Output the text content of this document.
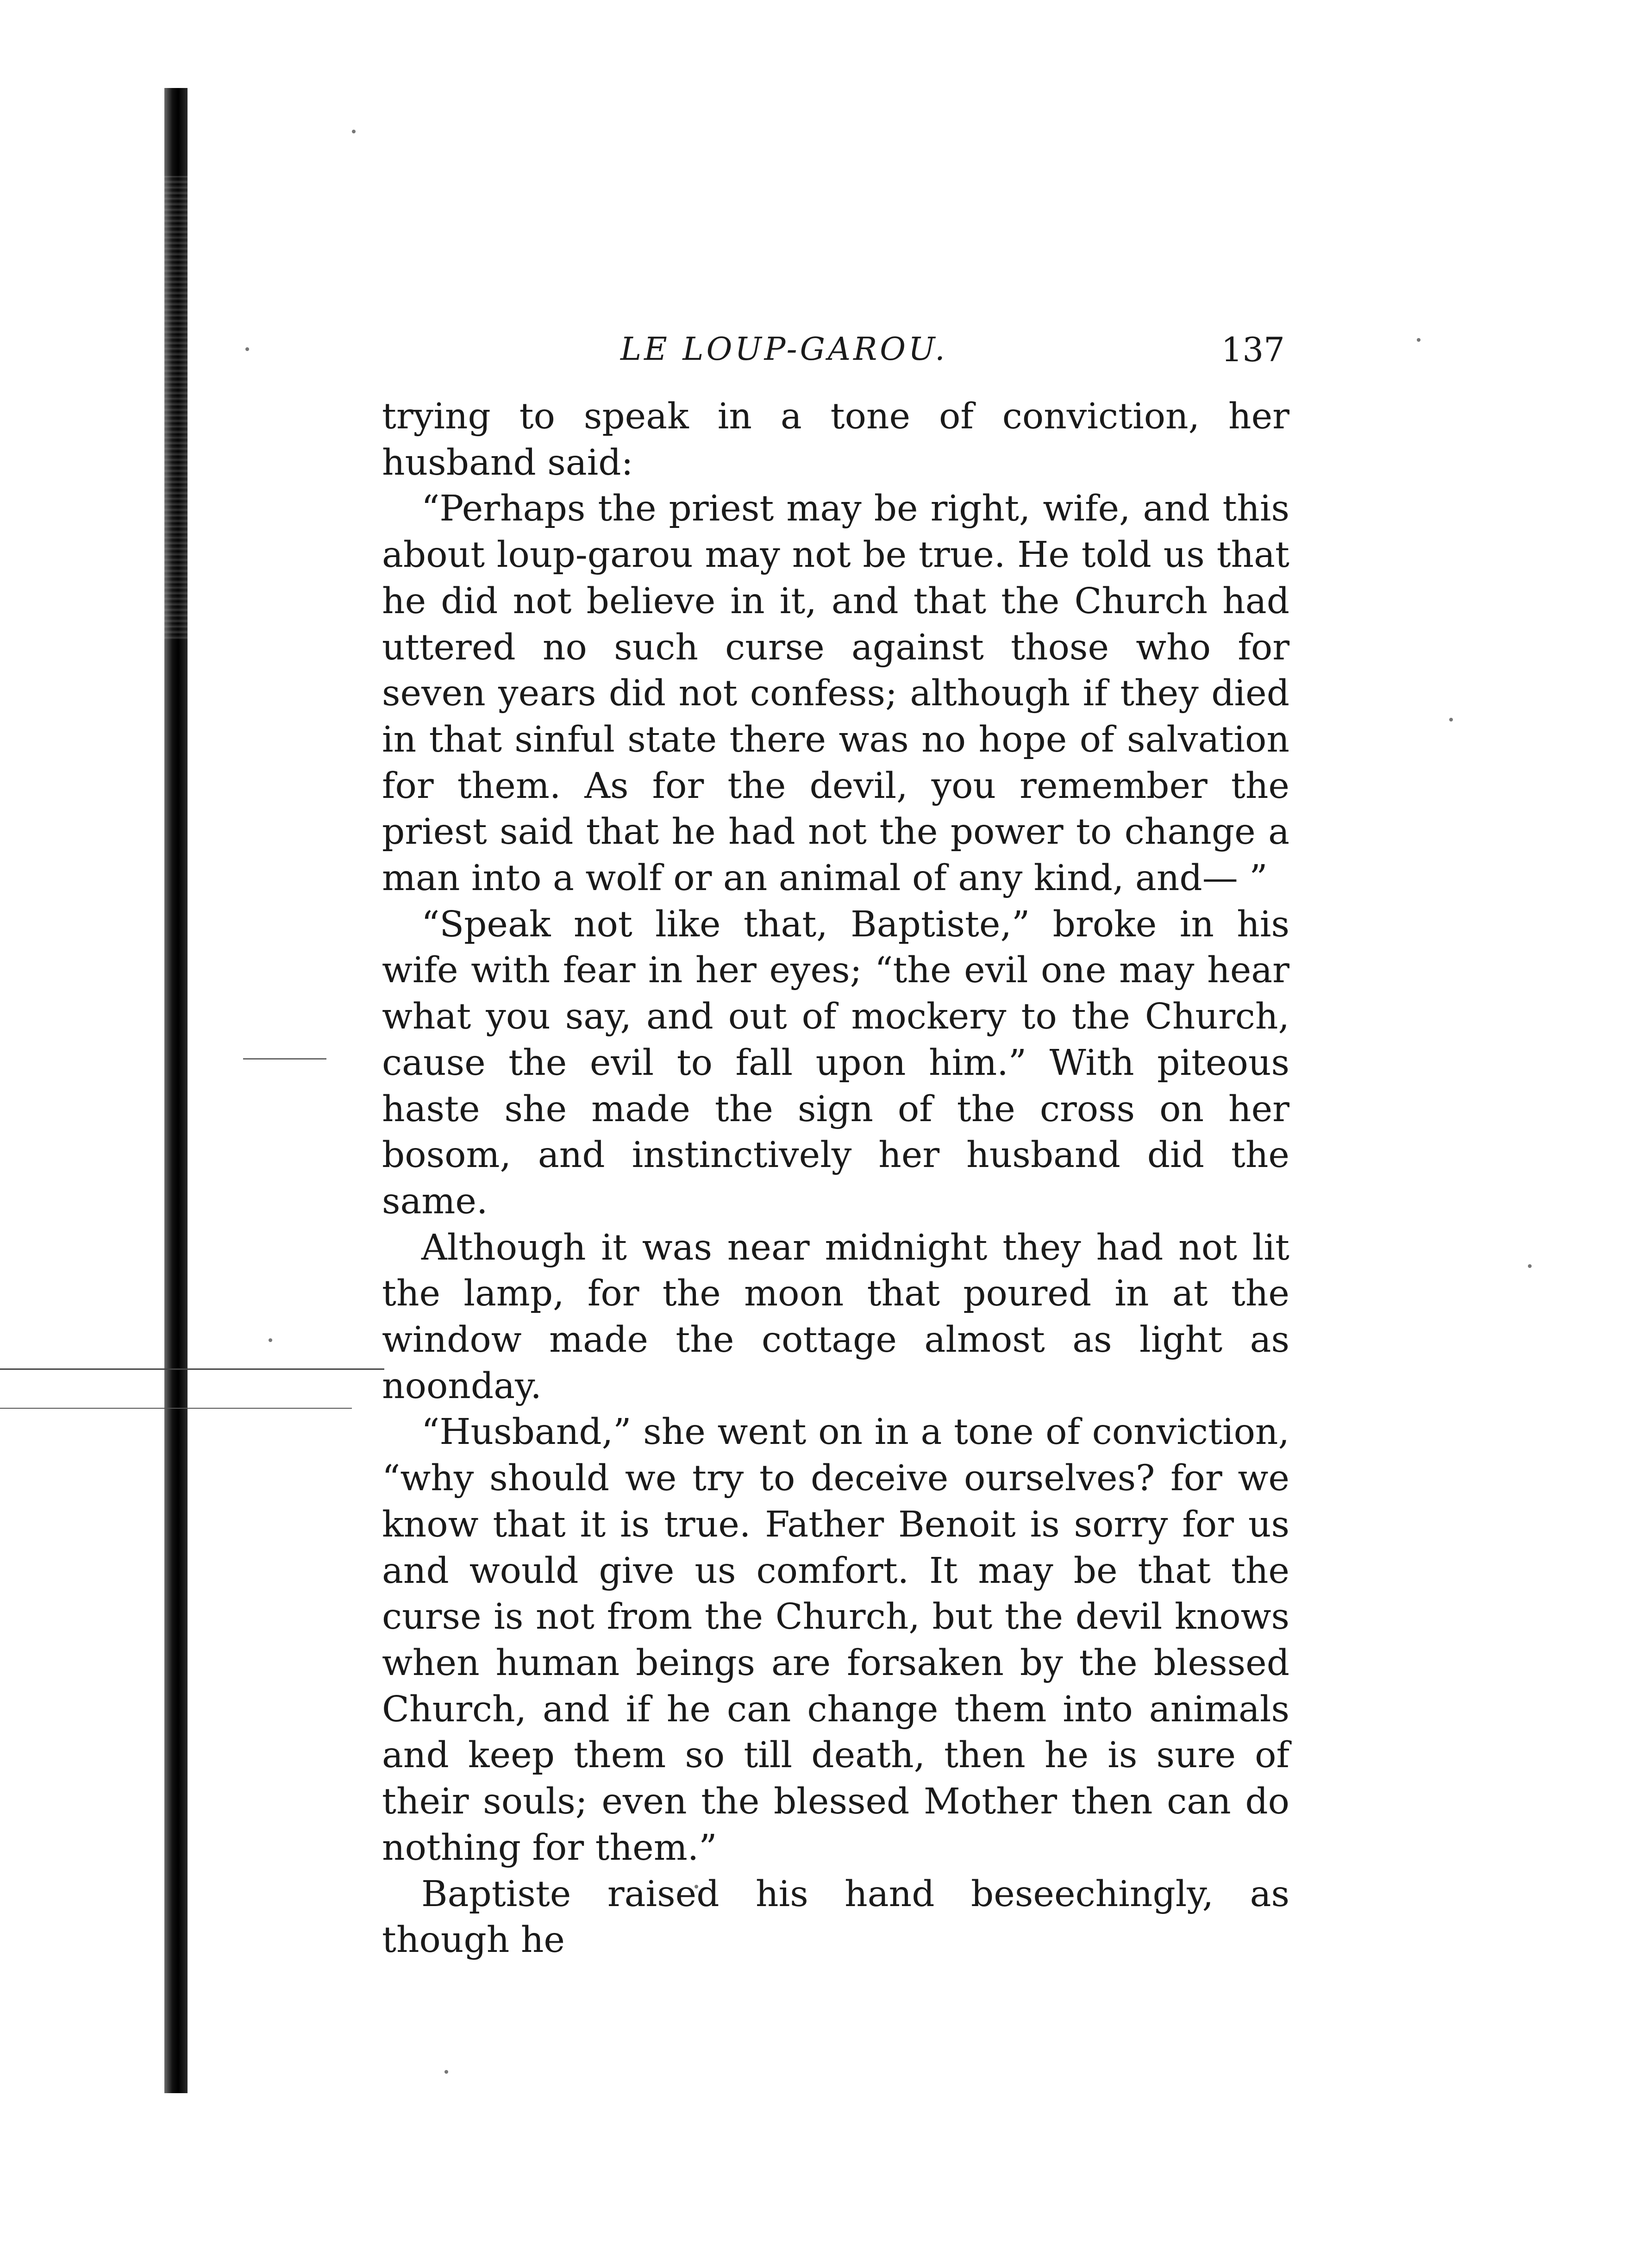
LE LOUP-GAROU.	137

trying to speak in a tone of conviction, her husband said:

“Perhaps the priest may be right, wife, and this about loup-garou may not be true. He told us that he did not believe in it, and that the Church had uttered no such curse against those who for seven years did not confess; although if they died in that sinful state there was no hope of salvation for them. As for the devil, you remember the priest said that he had not the power to change a man into a wolf or an animal of any kind, and— ”

“Speak not like that, Baptiste,” broke in his wife with fear in her eyes; “the evil one may hear what you say, and out of mockery to the Church, cause the evil to fall upon him.” With piteous haste she made the sign of the cross on her bosom, and instinctively her husband did the same.

Although it was near midnight they had not lit the lamp, for the moon that poured in at the window made the cottage almost as light as noonday.

“Husband,” she went on in a tone of conviction, “why should we try to deceive ourselves? for we know that it is true. Father Benoit is sorry for us and would give us comfort. It may be that the curse is not from the Church, but the devil knows when human beings are forsaken by the blessed Church, and if he can change them into animals and keep them so till death, then he is sure of their souls; even the blessed Mother then can do nothing for them.”

Baptiste raised his hand beseechingly, as though he
